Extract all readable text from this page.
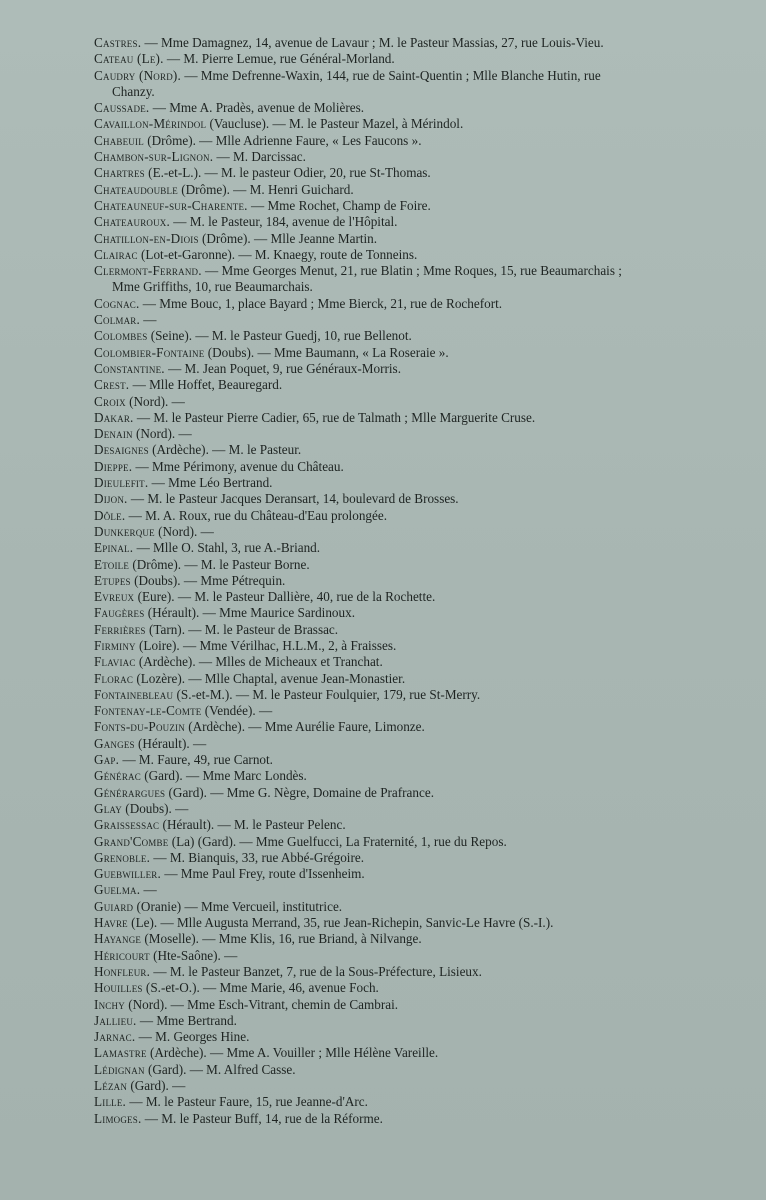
Castres. — Mme Damagnez, 14, avenue de Lavaur ; M. le Pasteur Massias, 27, rue Louis-Vieu.
Cateau (Le). — M. Pierre Lemue, rue Général-Morland.
Caudry (Nord). — Mme Defrenne-Waxin, 144, rue de Saint-Quentin ; Mlle Blanche Hutin, rue Chanzy.
Caussade. — Mme A. Pradès, avenue de Molières.
Cavaillon-Mérindol (Vaucluse). — M. le Pasteur Mazel, à Mérindol.
Chabeuil (Drôme). — Mlle Adrienne Faure, « Les Faucons ».
Chambon-sur-Lignon. — M. Darcissac.
Chartres (E.-et-L.). — M. le pasteur Odier, 20, rue St-Thomas.
Chateaudouble (Drôme). — M. Henri Guichard.
Chateauneuf-sur-Charente. — Mme Rochet, Champ de Foire.
Chateauroux. — M. le Pasteur, 184, avenue de l'Hôpital.
Chatillon-en-Diois (Drôme). — Mlle Jeanne Martin.
Clairac (Lot-et-Garonne). — M. Knaegy, route de Tonneins.
Clermont-Ferrand. — Mme Georges Menut, 21, rue Blatin ; Mme Roques, 15, rue Beaumarchais ; Mme Griffiths, 10, rue Beaumarchais.
Cognac. — Mme Bouc, 1, place Bayard ; Mme Bierck, 21, rue de Rochefort.
Colmar. —
Colombes (Seine). — M. le Pasteur Guedj, 10, rue Bellenot.
Colombier-Fontaine (Doubs). — Mme Baumann, « La Roseraie ».
Constantine. — M. Jean Poquet, 9, rue Généraux-Morris.
Crest. — Mlle Hoffet, Beauregard.
Croix (Nord). —
Dakar. — M. le Pasteur Pierre Cadier, 65, rue de Talmath ; Mlle Marguerite Cruse.
Denain (Nord). —
Desaignes (Ardèche). — M. le Pasteur.
Dieppe. — Mme Périmony, avenue du Château.
Dieulefit. — Mme Léo Bertrand.
Dijon. — M. le Pasteur Jacques Deransart, 14, boulevard de Brosses.
Dôle. — M. A. Roux, rue du Château-d'Eau prolongée.
Dunkerque (Nord). —
Epinal. — Mlle O. Stahl, 3, rue A.-Briand.
Etoile (Drôme). — M. le Pasteur Borne.
Etupes (Doubs). — Mme Pétrequin.
Evreux (Eure). — M. le Pasteur Dallière, 40, rue de la Rochette.
Faugères (Hérault). — Mme Maurice Sardinoux.
Ferrières (Tarn). — M. le Pasteur de Brassac.
Firminy (Loire). — Mme Vérilhac, H.L.M., 2, à Fraisses.
Flaviac (Ardèche). — Mlles de Micheaux et Tranchat.
Florac (Lozère). — Mlle Chaptal, avenue Jean-Monastier.
Fontainebleau (S.-et-M.). — M. le Pasteur Foulquier, 179, rue St-Merry.
Fontenay-le-Comte (Vendée). —
Fonts-du-Pouzin (Ardèche). — Mme Aurélie Faure, Limonze.
Ganges (Hérault). —
Gap. — M. Faure, 49, rue Carnot.
Générac (Gard). — Mme Marc Londès.
Générargues (Gard). — Mme G. Nègre, Domaine de Prafrance.
Glay (Doubs). —
Graissessac (Hérault). — M. le Pasteur Pelenc.
Grand'Combe (La) (Gard). — Mme Guelfucci, La Fraternité, 1, rue du Repos.
Grenoble. — M. Bianquis, 33, rue Abbé-Grégoire.
Guebwiller. — Mme Paul Frey, route d'Issenheim.
Guelma. —
Guiard (Oranie) — Mme Vercueil, institutrice.
Havre (Le). — Mlle Augusta Merrand, 35, rue Jean-Richepin, Sanvic-Le Havre (S.-I.).
Hayange (Moselle). — Mme Klis, 16, rue Briand, à Nilvange.
Héricourt (Hte-Saône). —
Honfleur. — M. le Pasteur Banzet, 7, rue de la Sous-Préfecture, Lisieux.
Houilles (S.-et-O.). — Mme Marie, 46, avenue Foch.
Inchy (Nord). — Mme Esch-Vitrant, chemin de Cambrai.
Jallieu. — Mme Bertrand.
Jarnac. — M. Georges Hine.
Lamastre (Ardèche). — Mme A. Vouiller ; Mlle Hélène Vareille.
Lédignan (Gard). — M. Alfred Casse.
Lézan (Gard). —
Lille. — M. le Pasteur Faure, 15, rue Jeanne-d'Arc.
Limoges. — M. le Pasteur Buff, 14, rue de la Réforme.
